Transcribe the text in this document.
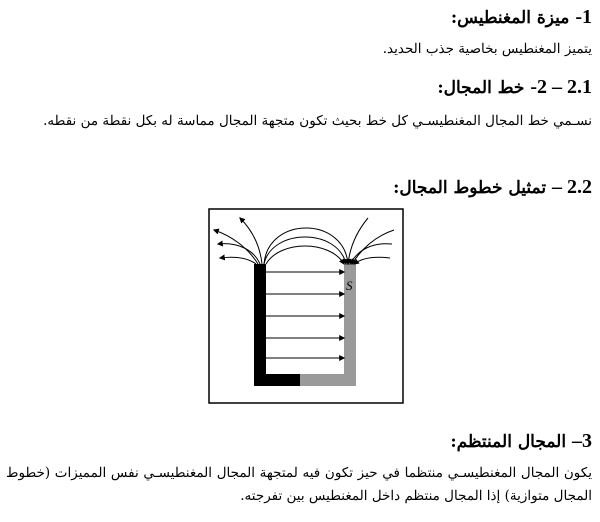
1- ميزة المغنطيس:
يتميز المغنطيس بخاصية جذب الحديد.
2.1 – 2- خط المجال:
نسـمي خط المجال المغنطيسـي كل خط بحيث تكون متجهة المجال مماسة له بكل نقطة من نقطه.
2.2 – تمثيل خطوط المجال:
S
3– المجال المنتظم:
يكون المجال المغنطيسـي منتظما في حيز تكون فيه لمتجهة المجال المغنطيسـي نفس المميزات (خطوط المجال متوازية) إذا المجال منتظم داخل المغنطيس بين تفرجته.
